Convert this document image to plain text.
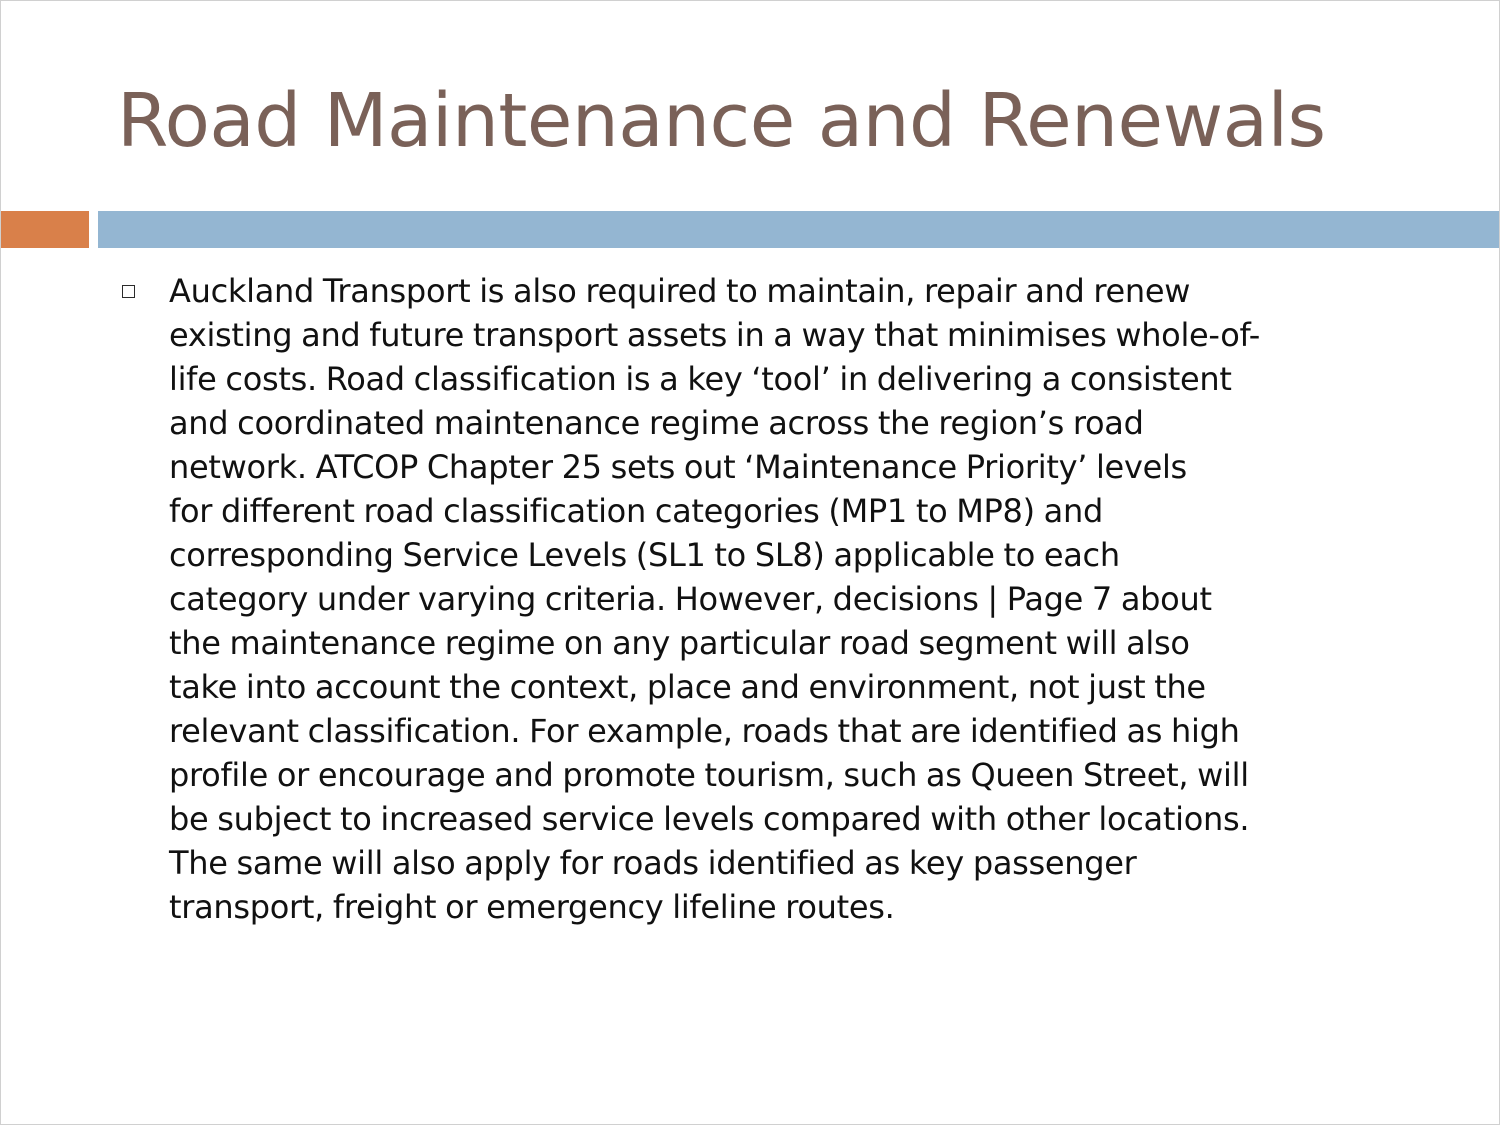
Road Maintenance and Renewals
Auckland Transport is also required to maintain, repair and renew
existing and future transport assets in a way that minimises whole-of-
life costs. Road classification is a key ‘tool’ in delivering a consistent
and coordinated maintenance regime across the region’s road
network. ATCOP Chapter 25 sets out ‘Maintenance Priority’ levels
for different road classification categories (MP1 to MP8) and
corresponding Service Levels (SL1 to SL8) applicable to each
category under varying criteria. However, decisions | Page 7 about
the maintenance regime on any particular road segment will also
take into account the context, place and environment, not just the
relevant classification. For example, roads that are identified as high
profile or encourage and promote tourism, such as Queen Street, will
be subject to increased service levels compared with other locations.
The same will also apply for roads identified as key passenger
transport, freight or emergency lifeline routes.
